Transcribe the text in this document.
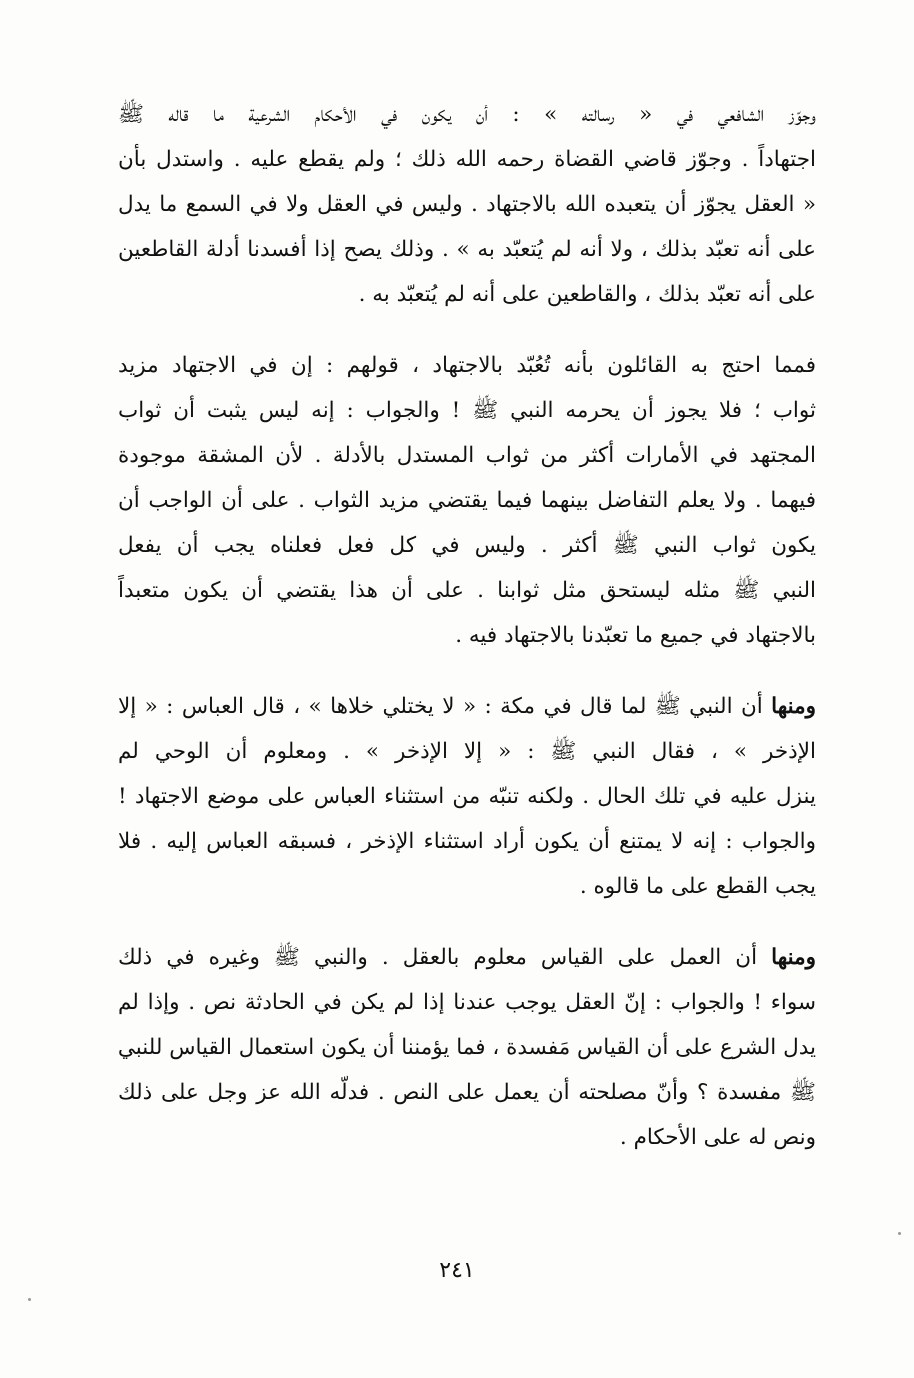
وجوّز الشافعي في « رسالته » : أن يكون في الأحكام الشرعية ما قاله ﷺ
اجتهاداً . وجوّز قاضي القضاة رحمه الله ذلك ؛ ولم يقطع عليه . واستدل بأن
« العقل يجوّز أن يتعبده الله بالاجتهاد . وليس في العقل ولا في السمع ما يدل
على أنه تعبّد بذلك ، ولا أنه لم يُتعبّد به » . وذلك يصح إذا أفسدنا أدلة القاطعين
على أنه تعبّد بذلك ، والقاطعين على أنه لم يُتعبّد به .
فمما احتج به القائلون بأنه تُعُبّد بالاجتهاد ، قولهم : إن في الاجتهاد مزيد
ثواب ؛ فلا يجوز أن يحرمه النبي ﷺ ! والجواب : إنه ليس يثبت أن ثواب
المجتهد في الأمارات أكثر من ثواب المستدل بالأدلة . لأن المشقة موجودة
فيهما . ولا يعلم التفاضل بينهما فيما يقتضي مزيد الثواب . على أن الواجب أن
يكون ثواب النبي ﷺ أكثر . وليس في كل فعل فعلناه يجب أن يفعل
النبي ﷺ مثله ليستحق مثل ثوابنا . على أن هذا يقتضي أن يكون متعبداً
بالاجتهاد في جميع ما تعبّدنا بالاجتهاد فيه .
ومنها أن النبي ﷺ لما قال في مكة : « لا يختلي خلاها » ، قال العباس : « إلا
الإذخر » ، فقال النبي ﷺ : « إلا الإذخر » . ومعلوم أن الوحي لم
ينزل عليه في تلك الحال . ولكنه تنبّه من استثناء العباس على موضع الاجتهاد !
والجواب : إنه لا يمتنع أن يكون أراد استثناء الإذخر ، فسبقه العباس إليه . فلا
يجب القطع على ما قالوه .
ومنها أن العمل على القياس معلوم بالعقل . والنبي ﷺ وغيره في ذلك
سواء ! والجواب : إنّ العقل يوجب عندنا إذا لم يكن في الحادثة نص . وإذا لم
يدل الشرع على أن القياس مَفسدة ، فما يؤمننا أن يكون استعمال القياس للنبي
ﷺ مفسدة ؟ وأنّ مصلحته أن يعمل على النص . فدلّه الله عز وجل على ذلك
ونص له على الأحكام .
٢٤١
